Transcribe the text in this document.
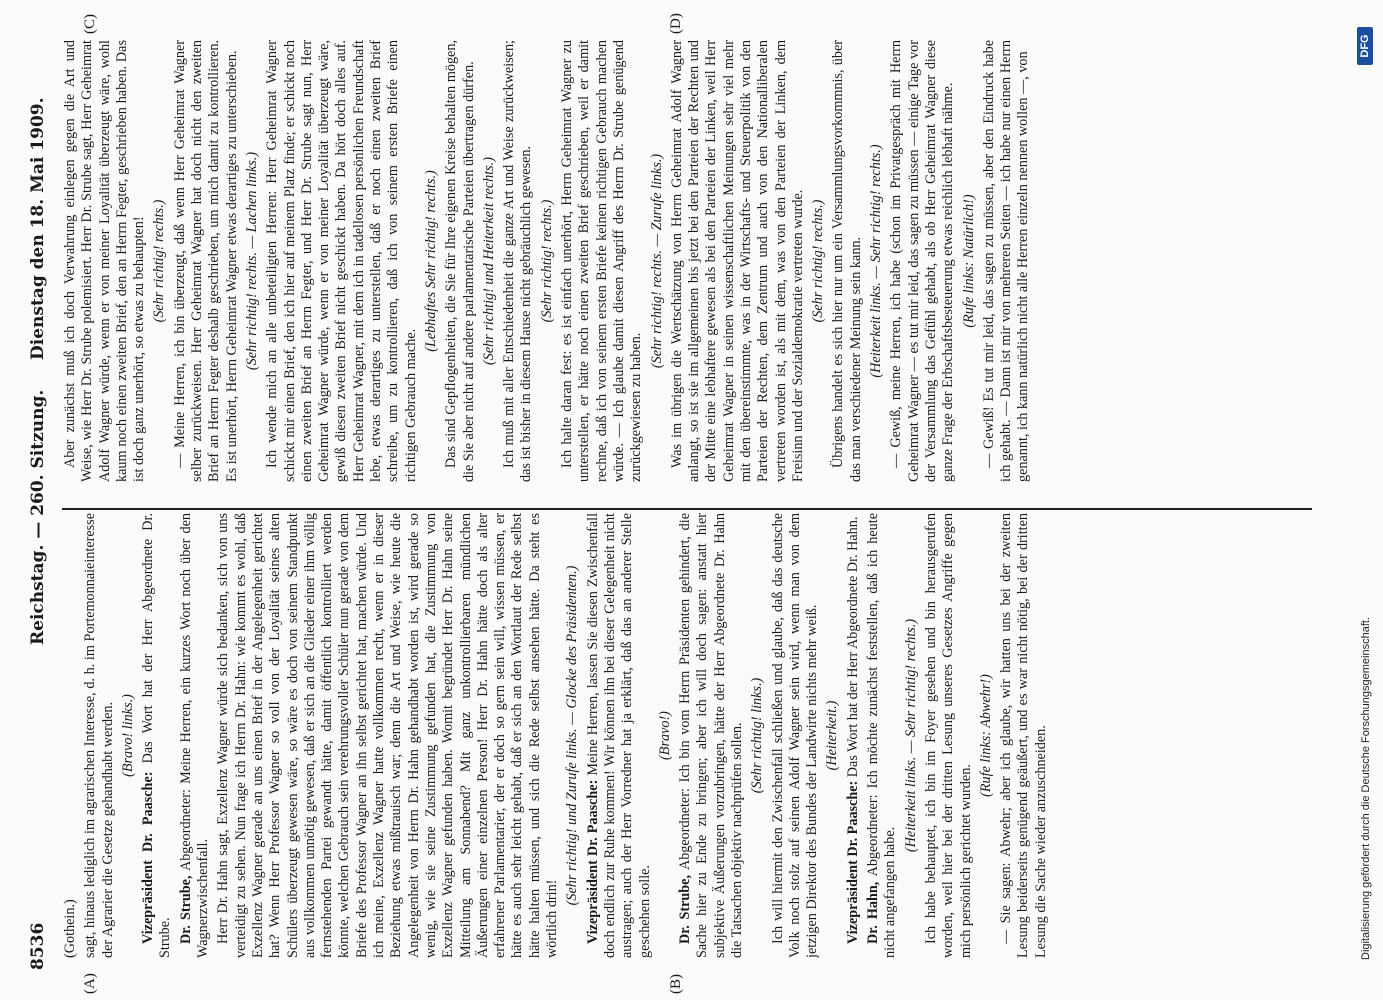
8536
Reichstag. — 260. Sitzung.
Dienstag den 18. Mai 1909.
(A)	(B)
(C)	(D)

(Gothein.) sagt, hinaus lediglich im agrarischen Interesse, d. h. im Portemonnaieinteresse der Agrarier die Gesetze gehandhabt werden. (Bravo! links.)

Vizepräsident Dr. Paasche: Das Wort hat der Herr Abgeordnete Dr. Strube. Dr. Strube, Abgeordneter: Meine Herren, ein kurzes Wort noch über den Wagnerzwischenfall. Herr Dr. Hahn sagt, Exzellenz Wagner würde sich bedanken, sich von uns verteidigt zu sehen. Nun frage ich Herrn Dr. Hahn: wie kommt es wohl, daß Exzellenz Wagner gerade an uns einen Brief in der Angelegenheit gerichtet hat? Wenn Herr Professor Wagner so voll von der Loyalität seines alten Schülers überzeugt gewesen wäre, so wäre es doch von seinem Standpunkt aus vollkommen unnötig gewesen, daß er sich an die Glieder einer ihm völlig fernstehenden Partei gewandt hätte, damit öffentlich kontrolliert werden könnte, welchen Gebrauch sein verehrungsvoller Schüler nun gerade von dem Briefe des Professor Wagner an ihn selbst gerichtet hat, machen würde. Und ich meine, Exzellenz Wagner hatte vollkommen recht, wenn er in dieser Beziehung etwas mißtrauisch war; denn die Art und Weise, wie heute die Angelegenheit von Herrn Dr. Hahn gehandhabt worden ist, wird gerade so wenig, wie sie seine Zustimmung gefunden hat, die Zustimmung von Exzellenz Wagner gefunden haben. Womit begründet Herr Dr. Hahn seine Mitteilung am Sonnabend? Mit ganz unkontrollierbaren mündlichen Äußerungen einer einzelnen Person! Herr Dr. Hahn hätte doch als alter erfahrener Parlamentarier, der er doch so gern sein will, wissen müssen, er hätte es auch sehr leicht gehabt, daß er sich an den Wortlaut der Rede selbst hätte halten müssen, und sich die Rede selbst ansehen hätte. Da steht es wörtlich drin!

(Sehr richtig! und Zurufe links. — Glocke des Präsidenten.) Vizepräsident Dr. Paasche: Meine Herren, lassen Sie diesen Zwischenfall doch endlich zur Ruhe kommen! Wir können ihn bei dieser Gelegenheit nicht austragen; auch der Herr Vorredner hat ja erklärt, daß das an anderer Stelle geschehen solle.

(Bravo!)

Dr. Strube, Abgeordneter: Ich bin vom Herrn Präsidenten gehindert, die Sache hier zu Ende zu bringen; aber ich will doch sagen: anstatt hier subjektive Äußerungen vorzubringen, hätte der Herr Abgeordnete Dr. Hahn die Tatsachen objektiv nachprüfen sollen. (Sehr richtig! links.) Ich will hiermit den Zwischenfall schließen und glaube, daß das deutsche Volk noch stolz auf seinen Adolf Wagner sein wird, wenn man von dem jetzigen Direktor des Bundes der Landwirte nichts mehr weiß. (Heiterkeit.)

Vizepräsident Dr. Paasche: Das Wort hat der Herr Abgeordnete Dr. Hahn.

Dr. Hahn, Abgeordneter: Ich möchte zunächst feststellen, daß ich heute nicht angefangen habe.

(Heiterkeit links. — Sehr richtig! rechts.) Ich habe behauptet, ich bin im Foyer gesehen und bin herausgerufen worden, weil hier bei der dritten Lesung unseres Gesetzes Angriffe gegen mich persönlich gerichtet wurden.

(Rufe links: Abwehr!) — Sie sagen: Abwehr; aber ich glaube, wir hatten uns bei der zweiten Lesung beiderseits genügend geäußert, und es war nicht nötig, bei der dritten Lesung die Sache wieder anzuschneiden.

Aber zunächst muß ich doch Verwahrung einlegen gegen die Art und Weise, wie Herr Dr. Strube polemisiert. Herr Dr. Strube sagt, Herr Geheimrat Adolf Wagner würde, wenn er von meiner Loyalität überzeugt wäre, wohl kaum noch einen zweiten Brief, den an Herrn Fegter, geschrieben haben. Das ist doch ganz unerhört, so etwas zu behaupten! (Sehr richtig! rechts.) — Meine Herren, ich bin überzeugt, daß wenn Herr Geheimrat Wagner selber zurückweisen. Herr Geheimrat Wagner hat doch nicht den zweiten Brief an Herrn Fegter deshalb geschrieben, um mich damit zu kontrollieren. Es ist unerhört, Herrn Geheimrat Wagner etwas derartiges zu unterschieben. (Sehr richtig! rechts. — Lachen links.) Ich wende mich an alle unbeteiligten Herren: Herr Geheimrat Wagner schickt mir einen Brief, den ich hier auf meinem Platz finde; er schickt noch einen zweiten Brief an Herrn Fegter, und Herr Dr. Strube sagt nun, Herr Geheimrat Wagner würde, wenn er von meiner Loyalität überzeugt wäre, gewiß diesen zweiten Brief nicht geschickt haben. Da hört doch alles auf. Herr Geheimrat Wagner, mit dem ich in tadellosen persönlichen Freundschaft lebe, etwas derartiges zu unterstellen, daß er noch einen zweiten Brief schreibe, um zu kontrollieren, daß ich von seinem ersten Briefe einen richtigen Gebrauch mache.

(Lebhaftes Sehr richtig! rechts.) Das sind Gepflogenheiten, die Sie für Ihre eigenen Kreise behalten mögen, die Sie aber nicht auf andere parlamentarische Parteien übertragen dürfen. (Sehr richtig! und Heiterkeit rechts.) Ich muß mit aller Entschiedenheit die ganze Art und Weise zurückweisen; das ist bisher in diesem Hause nicht gebräuchlich gewesen. (Sehr richtig! rechts.) Ich halte daran fest: es ist einfach unerhört, Herrn Geheimrat Wagner zu unterstellen, er hätte noch einen zweiten Brief geschrieben, weil er damit rechne, daß ich von seinem ersten Briefe keinen richtigen Gebrauch machen würde. — Ich glaube damit diesen Angriff des Herrn Dr. Strube genügend zurückgewiesen zu haben.

(Sehr richtig! rechts. — Zurufe links.) Was im übrigen die Wertschätzung von Herrn Geheimrat Adolf Wagner anlangt, so ist sie im allgemeinen bis jetzt bei den Parteien der Rechten und der Mitte eine lebhaftere gewesen als bei den Parteien der Linken, weil Herr Geheimrat Wagner in seinen wissenschaftlichen Meinungen sehr viel mehr mit den übereinstimmte, was in der Wirtschafts- und Steuerpolitik von den Parteien der Rechten, dem Zentrum und auch von den Nationalliberalen vertreten worden ist, als mit dem, was von den Parteien der Linken, dem Freisinn und der Sozialdemokratie vertreten wurde. (Sehr richtig! rechts.) Übrigens handelt es sich hier nur um ein Versammlungsvorkommnis, über das man verschiedener Meinung sein kann. (Heiterkeit links. — Sehr richtig! rechts.) — Gewiß, meine Herren, ich habe (schon im Privatgespräch mit Herrn Geheimrat Wagner — es tut mir leid, das sagen zu müssen — einige Tage vor der Versammlung das Gefühl gehabt, als ob Herr Geheimrat Wagner diese ganze Frage der Erbschaftsbesteuerung etwas reichlich lebhaft nähme. (Rufe links: Natürlich!) — Gewiß! Es tut mir leid, das sagen zu müssen, aber den Eindruck habe ich gehabt. — Dann ist mir von mehreren Seiten — ich habe nur einen Herrn genannt, ich kann natürlich nicht alle Herren einzeln nennen wollen —, von

Digitalisierung gefördert durch die Deutsche Forschungsgemeinschaft.
DFG
